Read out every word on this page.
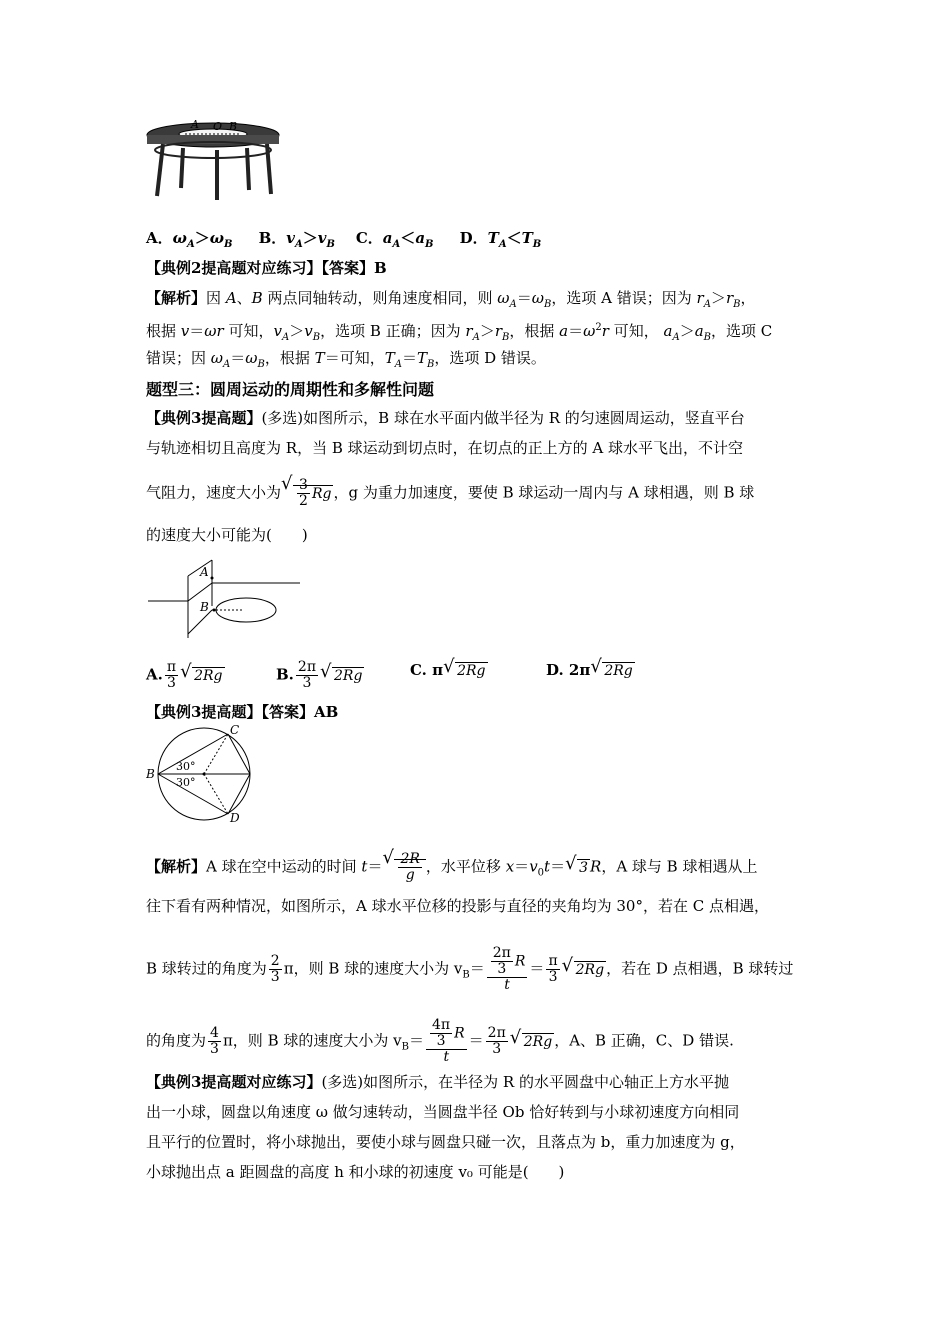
A O B
A．$\omega_A>\omega_B$ B．$v_A>v_B$ C．$a_A<a_B$ D．$T_A<T_B$
【典例2提高题对应练习】【答案】B
【解析】因 A、B 两点同轴转动，则角速度相同，则 $\omega_A=\omega_B$，选项 A 错误；因为 $r_A>r_B$，
根据 v＝ωr 可知，$v_A>v_B$，选项 B 正确；因为 $r_A>r_B$，根据 $a=\omega^2r$ 可知， $a_A>a_B$，选项 C
错误；因 $\omega_A=\omega_B$，根据 T＝可知，$T_A=T_B$，选项 D 错误。
题型三：圆周运动的周期性和多解性问题
【典例3提高题】(多选)如图所示，B 球在水平面内做半径为 R 的匀速圆周运动，竖直平台
与轨迹相切且高度为 R，当 B 球运动到切点时，在切点的正上方的 A 球水平飞出，不计空
气阻力，速度大小为
√ $\frac{3}{2}$ Rg ，g 为重力加速度，要使 B 球运动一周内与 A 球相遇，则 B 球
的速度大小可能为(　　)
A
B
A. $\frac{\pi}{3}$
√ 2Rg	B. $\frac{2\pi}{3}$
√ 2Rg	C. π√ 2Rg	D. 2π√ 2Rg
【典例3提高题】【答案】AB
C
B
30°
30°
D
【解析】A 球在空中运动的时间 t＝
√ $\frac{2R}{g}$ ，水平位移 $x=v_0t=√$ 3 R，A 球与 B 球相遇从上
往下看有两种情况，如图所示，A 球水平位移的投影与直径的夹角均为 30°，若在 C 点相遇，
B 球转过的角度为 $\frac{2}{3}$ π，则 B 球的速度大小为 $v_B= \frac{\frac{2\pi}{3} R}{t} = \frac{\pi}{3}$
√ 2Rg ，若在 D 点相遇，B 球转过
的角度为 $\frac{4}{3}$ π，则 B 球的速度大小为 $v_B= \frac{\frac{4\pi}{3} R}{t} = \frac{2\pi}{3}$
√ 2Rg ，A、B 正确，C、D 错误.
【典例3提高题对应练习】(多选)如图所示，在半径为 R 的水平圆盘中心轴正上方水平抛
出一小球，圆盘以角速度 ω 做匀速转动，当圆盘半径 Ob 恰好转到与小球初速度方向相同
且平行的位置时，将小球抛出，要使小球与圆盘只碰一次，且落点为 b，重力加速度为 g，
小球抛出点 a 距圆盘的高度 h 和小球的初速度 v₀ 可能是(　　)
